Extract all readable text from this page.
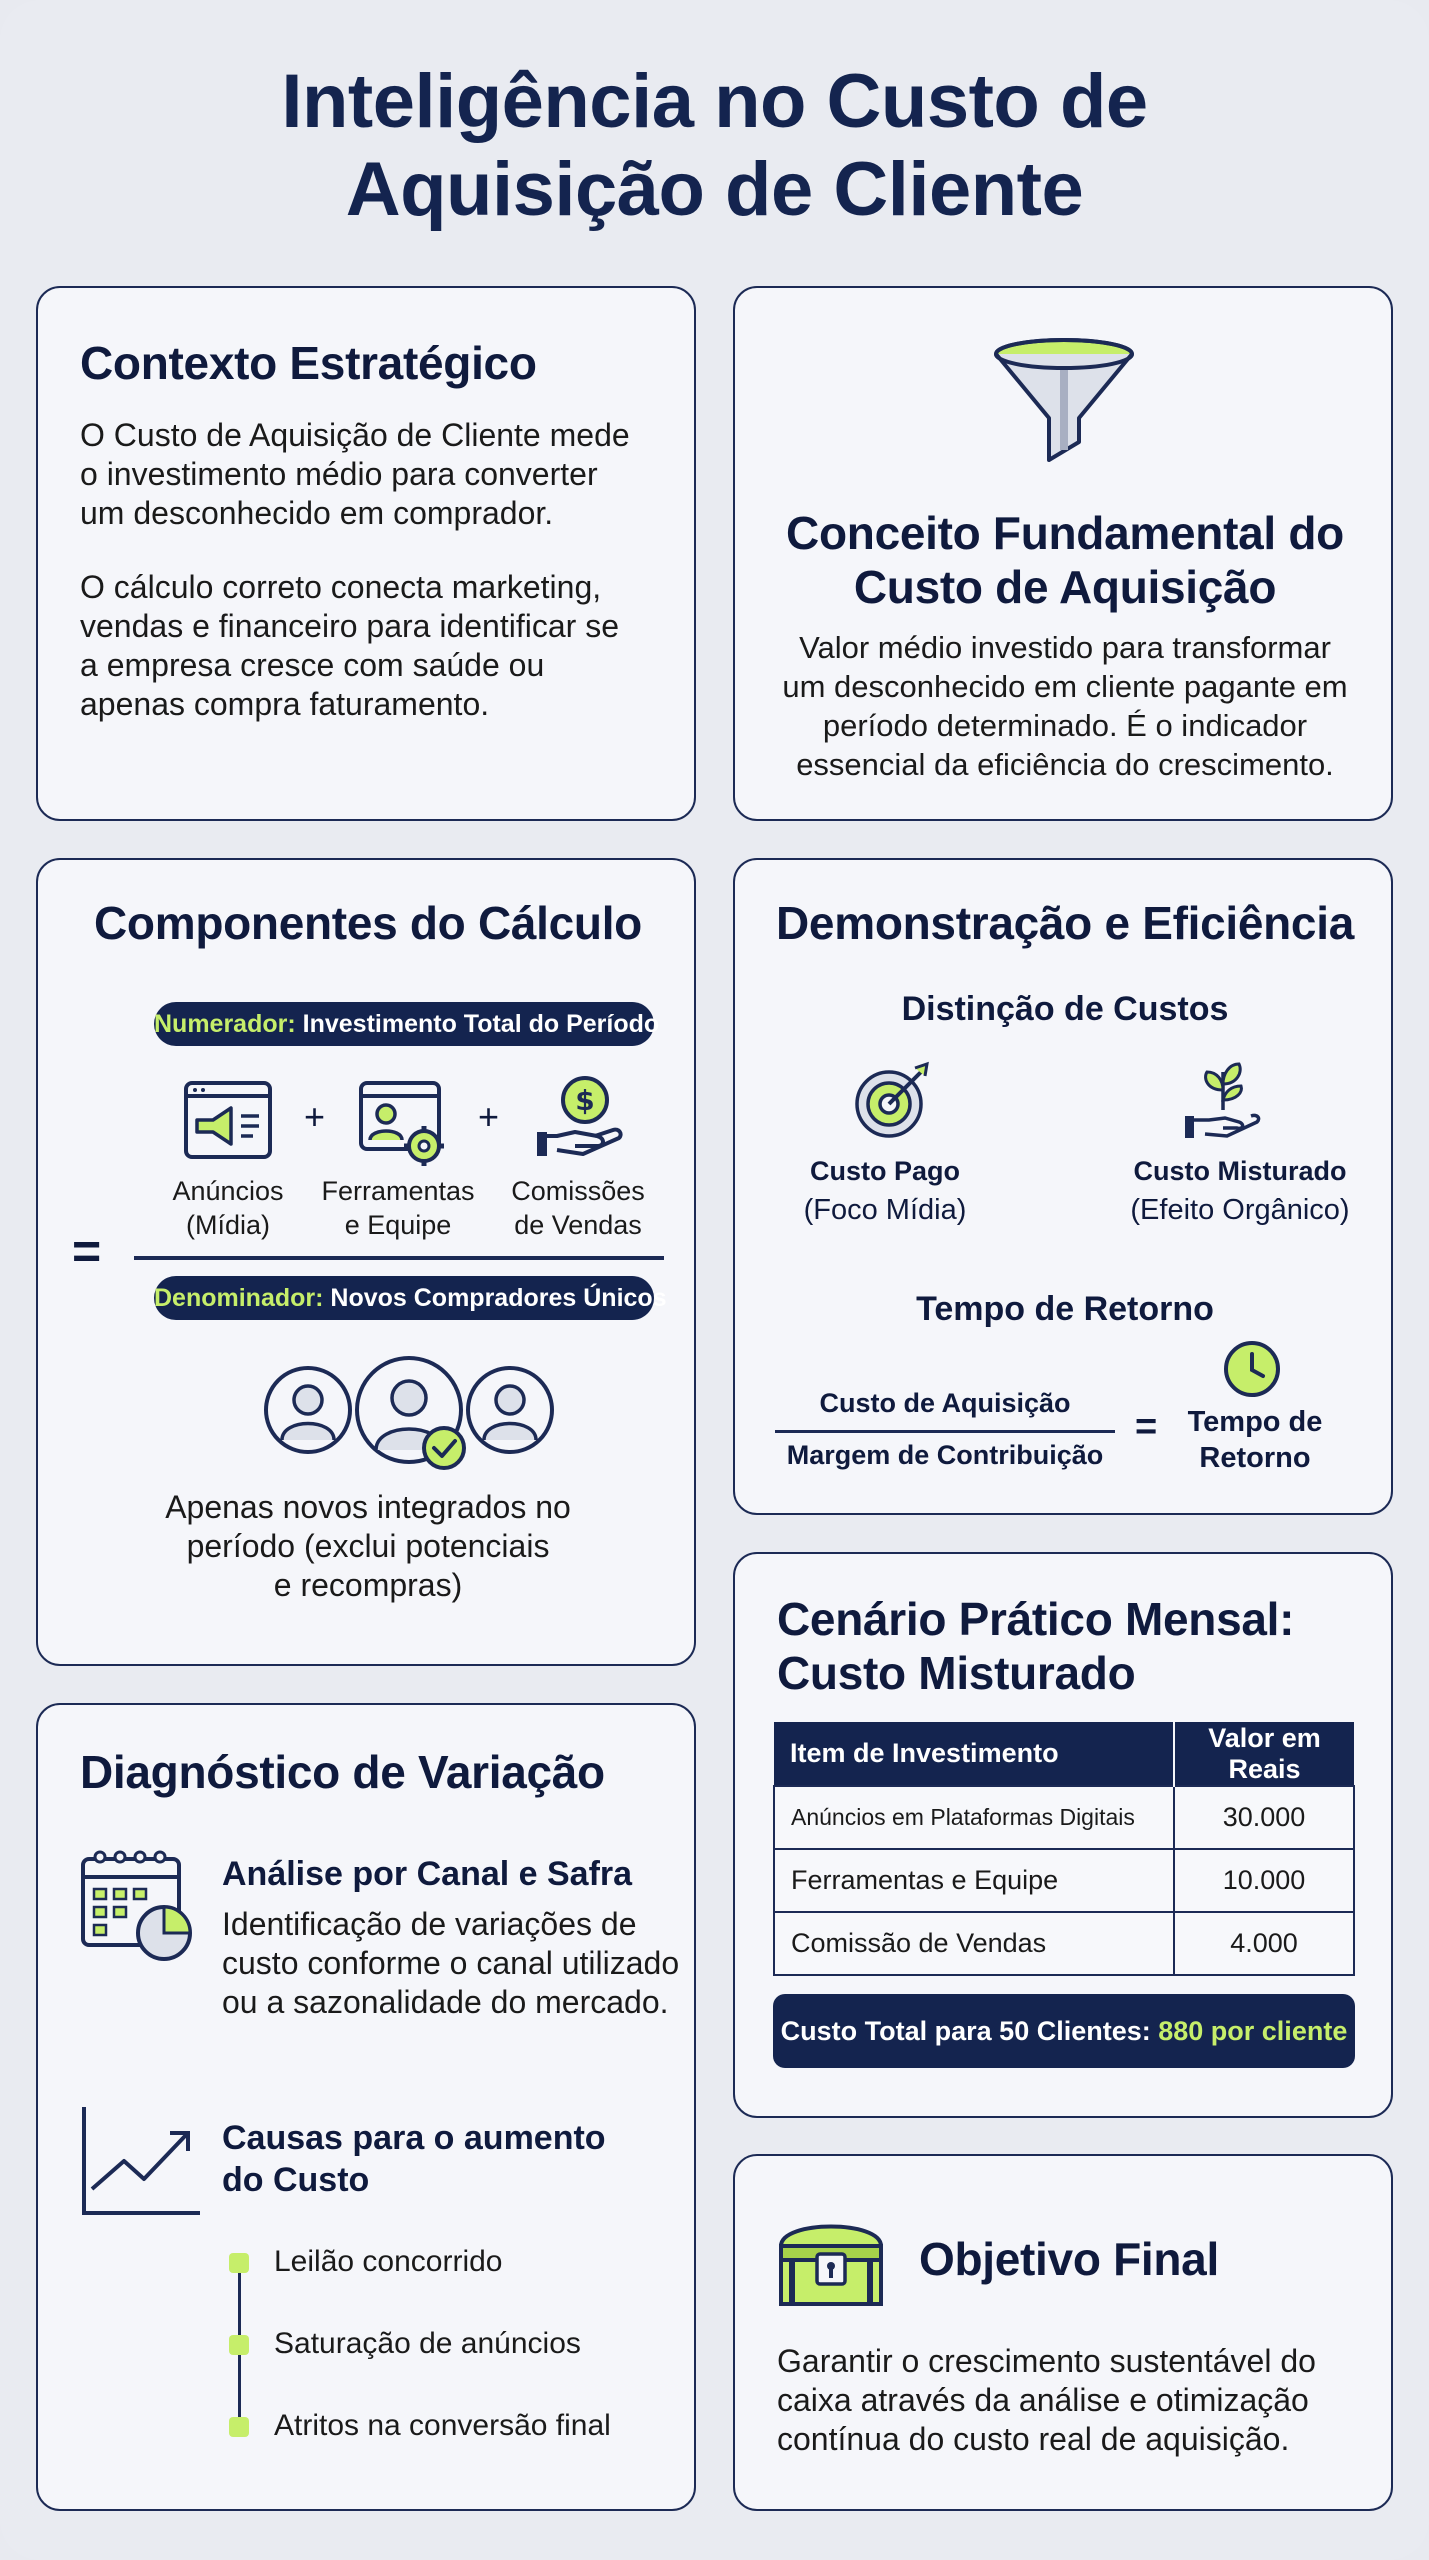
Inteligência no Custo de
Aquisição de Cliente
Contexto Estratégico
O Custo de Aquisição de Cliente mede
o investimento médio para converter
um desconhecido em comprador.
O cálculo correto conecta marketing,
vendas e financeiro para identificar se
a empresa cresce com saúde ou
apenas compra faturamento.
Conceito Fundamental do
Custo de Aquisição
Valor médio investido para transformar
um desconhecido em cliente pagante em
período determinado. É o indicador
essencial da eficiência do crescimento.
Componentes do Cálculo
Numerador: Investimento Total do Período
+	+	$
Anúncios
(Mídia)
Ferramentas
e Equipe
Comissões
de Vendas
=
Denominador: Novos Compradores Únicos
Apenas novos integrados no
período (exclui potenciais
e recompras)
Demonstração e Eficiência
Distinção de Custos
Custo Pago
(Foco Mídia)
Custo Misturado
(Efeito Orgânico)
Tempo de Retorno
Custo de Aquisição
Margem de Contribuição
=	Tempo de
Retorno
Cenário Prático Mensal:
Custo Misturado
Item de Investimento	Valor em Reais
Anúncios em Plataformas Digitais	30.000
Ferramentas e Equipe	10.000
Comissão de Vendas	4.000
Custo Total para 50 Clientes: 880 por cliente
Diagnóstico de Variação
Análise por Canal e Safra
Identificação de variações de
custo conforme o canal utilizado
ou a sazonalidade do mercado.
Causas para o aumento
do Custo
Leilão concorrido
Saturação de anúncios
Atritos na conversão final
Objetivo Final
Garantir o crescimento sustentável do
caixa através da análise e otimização
contínua do custo real de aquisição.
